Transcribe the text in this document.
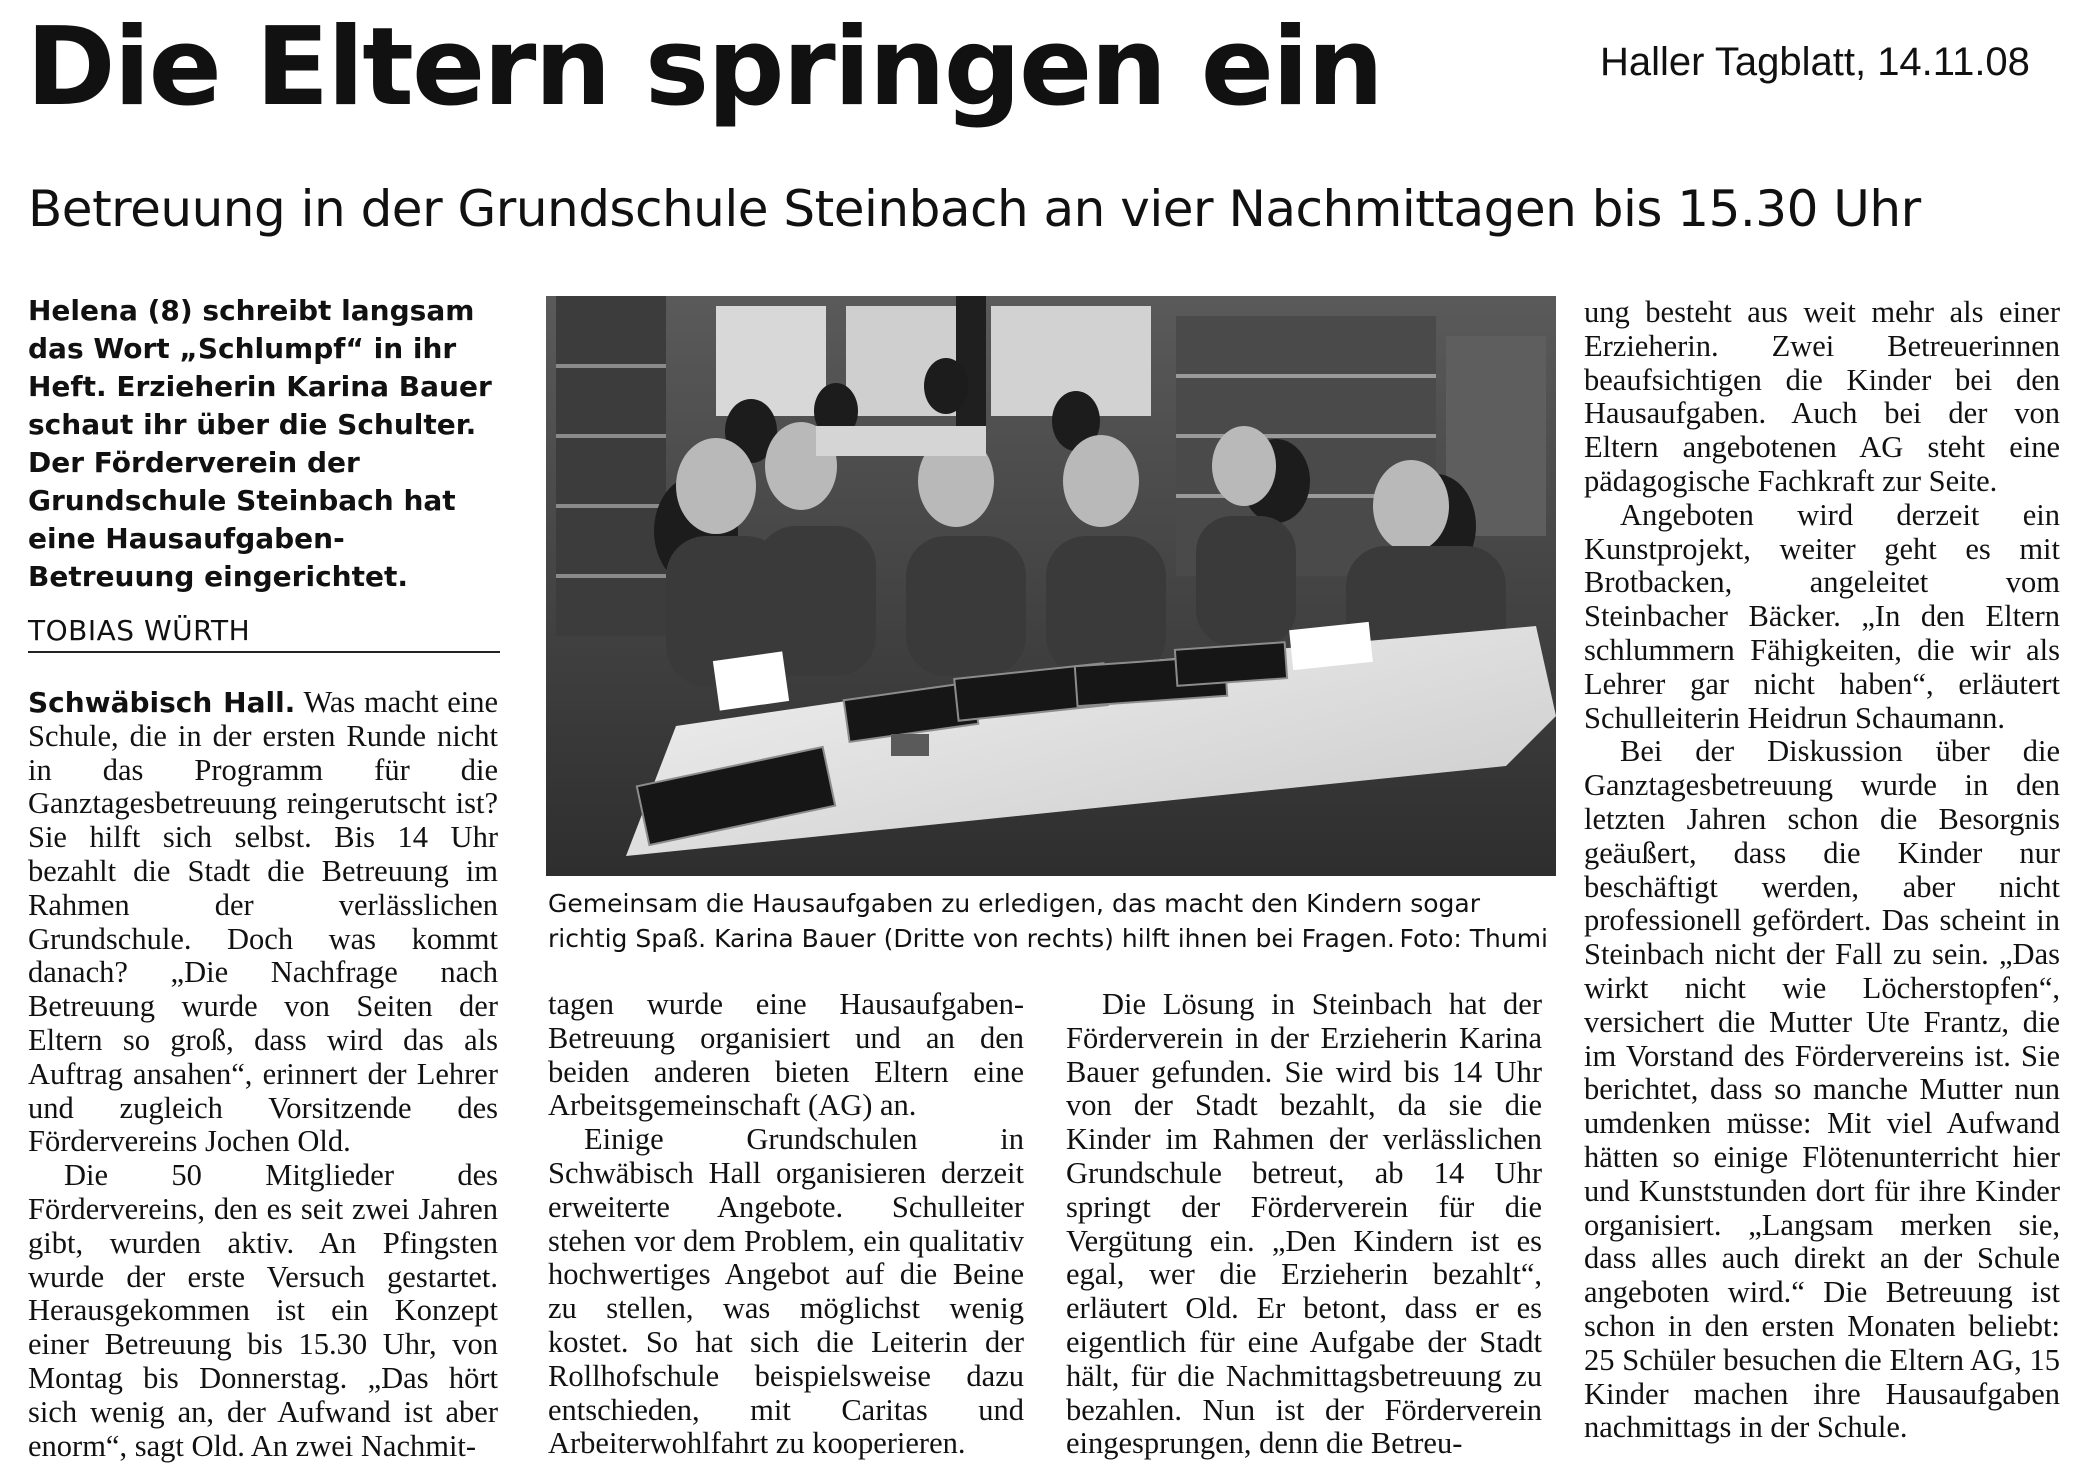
Die Eltern springen ein	Haller Tagblatt, 14.11.08
Betreuung in der Grundschule Steinbach an vier Nachmittagen bis 15.30 Uhr
Helena (8) schreibt langsam das Wort „Schlumpf“ in ihr Heft. Erzieherin Karina Bauer schaut ihr über die Schulter. Der Förderverein der Grundschule Steinbach hat eine Hausaufgaben-Betreuung eingerichtet.
TOBIAS WÜRTH

Schwäbisch Hall. Was macht eine Schule, die in der ersten Runde nicht in das Programm für die Ganztagesbetreuung reingerutscht ist? Sie hilft sich selbst. Bis 14 Uhr bezahlt die Stadt die Betreuung im Rahmen der verlässlichen Grundschule. Doch was kommt danach? „Die Nachfrage nach Betreuung wurde von Seiten der Eltern so groß, dass wird das als Auftrag ansahen“, erinnert der Lehrer und zugleich Vorsitzende des Fördervereins Jochen Old.

Die 50 Mitglieder des Fördervereins, den es seit zwei Jahren gibt, wurden aktiv. An Pfingsten wurde der erste Versuch gestartet. Herausgekommen ist ein Konzept einer Betreuung bis 15.30 Uhr, von Montag bis Donnerstag. „Das hört sich wenig an, der Aufwand ist aber enorm“, sagt Old. An zwei Nachmit-

Gemeinsam die Hausaufgaben zu erledigen, das macht den Kindern sogar richtig Spaß. Karina Bauer (Dritte von rechts) hilft ihnen bei Fragen. Foto: Thumi

tagen wurde eine Hausaufgaben-Betreuung organisiert und an den beiden anderen bieten Eltern eine Arbeitsgemeinschaft (AG) an.

Einige Grundschulen in Schwäbisch Hall organisieren derzeit erweiterte Angebote. Schulleiter stehen vor dem Problem, ein qualitativ hochwertiges Angebot auf die Beine zu stellen, was möglichst wenig kostet. So hat sich die Leiterin der Rollhofschule beispielsweise dazu entschieden, mit Caritas und Arbeiterwohlfahrt zu kooperieren.

Die Lösung in Steinbach hat der Förderverein in der Erzieherin Karina Bauer gefunden. Sie wird bis 14 Uhr von der Stadt bezahlt, da sie die Kinder im Rahmen der verlässlichen Grundschule betreut, ab 14 Uhr springt der Förderverein für die Vergütung ein. „Den Kindern ist es egal, wer die Erzieherin bezahlt“, erläutert Old. Er betont, dass er es eigentlich für eine Aufgabe der Stadt hält, für die Nachmittagsbetreuung zu bezahlen. Nun ist der Förderverein eingesprungen, denn die Betreu-

ung besteht aus weit mehr als einer Erzieherin. Zwei Betreuerinnen beaufsichtigen die Kinder bei den Hausaufgaben. Auch bei der von Eltern angebotenen AG steht eine pädagogische Fachkraft zur Seite.

Angeboten wird derzeit ein Kunstprojekt, weiter geht es mit Brotbacken, angeleitet vom Steinbacher Bäcker. „In den Eltern schlummern Fähigkeiten, die wir als Lehrer gar nicht haben“, erläutert Schulleiterin Heidrun Schaumann.

Bei der Diskussion über die Ganztagesbetreuung wurde in den letzten Jahren schon die Besorgnis geäußert, dass die Kinder nur beschäftigt werden, aber nicht professionell gefördert. Das scheint in Steinbach nicht der Fall zu sein. „Das wirkt nicht wie Löcherstopfen“, versichert die Mutter Ute Frantz, die im Vorstand des Fördervereins ist. Sie berichtet, dass so manche Mutter nun umdenken müsse: Mit viel Aufwand hätten so einige Flötenunterricht hier und Kunststunden dort für ihre Kinder organisiert. „Langsam merken sie, dass alles auch direkt an der Schule angeboten wird.“ Die Betreuung ist schon in den ersten Monaten beliebt: 25 Schüler besuchen die Eltern AG, 15 Kinder machen ihre Hausaufgaben nachmittags in der Schule.
